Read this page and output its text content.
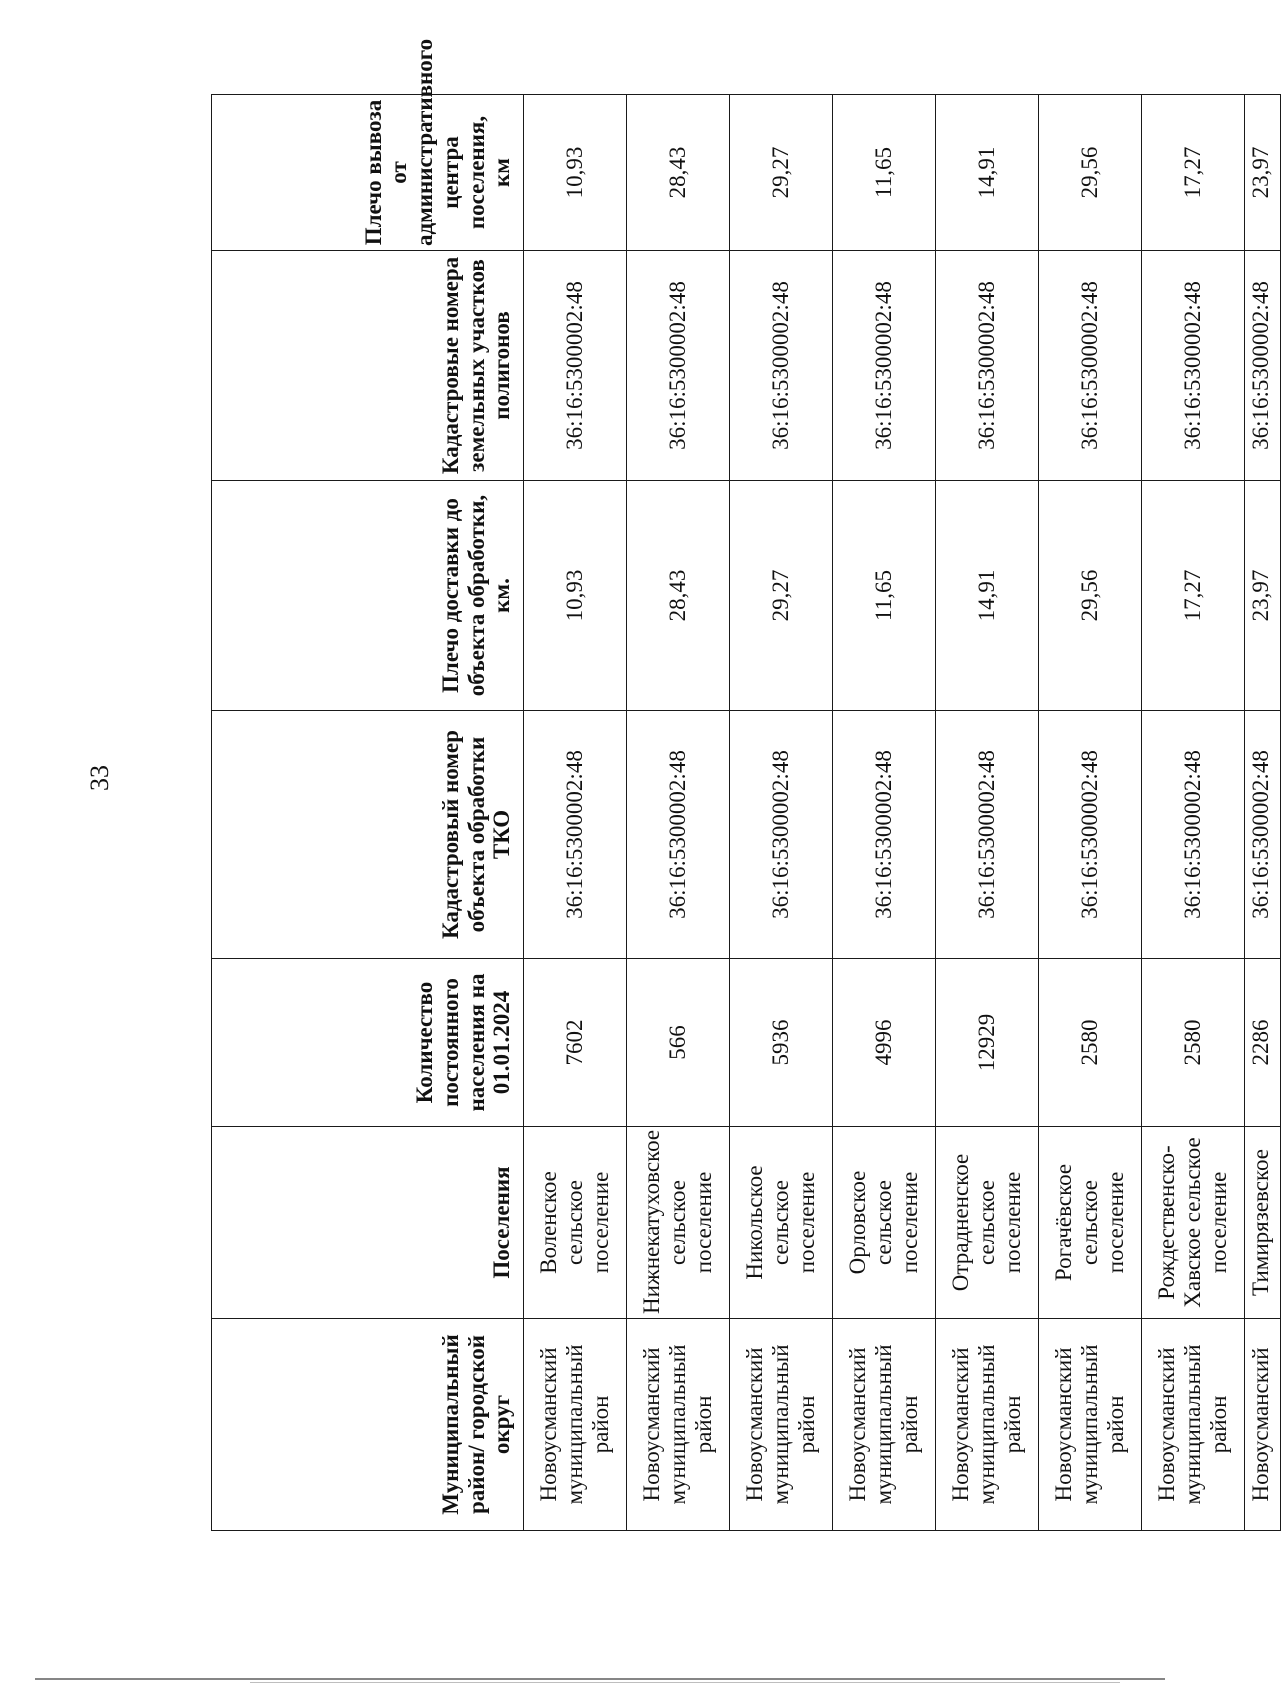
33
Муниципальный район/ городской округ	Поселения	Количество постоянного населения на 01.01.2024	Кадастровый номер объекта обработки ТКО	Плечо доставки до объекта обработки, км.	Кадастровые номера земельных участков полигонов	Плечо вывоза от административного центра поселения, км
Новоусманский муниципальный район	Воленское сельское поселение	7602	36:16:5300002:48	10,93	36:16:5300002:48	10,93
Новоусманский муниципальный район	Нижнекатуховское сельское поселение	566	36:16:5300002:48	28,43	36:16:5300002:48	28,43
Новоусманский муниципальный район	Никольское сельское поселение	5936	36:16:5300002:48	29,27	36:16:5300002:48	29,27
Новоусманский муниципальный район	Орловское сельское поселение	4996	36:16:5300002:48	11,65	36:16:5300002:48	11,65
Новоусманский муниципальный район	Отрадненское сельское поселение	12929	36:16:5300002:48	14,91	36:16:5300002:48	14,91
Новоусманский муниципальный район	Рогачёвское сельское поселение	2580	36:16:5300002:48	29,56	36:16:5300002:48	29,56
Новоусманский муниципальный район	Рождественско-Хавское сельское поселение	2580	36:16:5300002:48	17,27	36:16:5300002:48	17,27
Новоусманский	Тимирязевское	2286	36:16:5300002:48	23,97	36:16:5300002:48	23,97
